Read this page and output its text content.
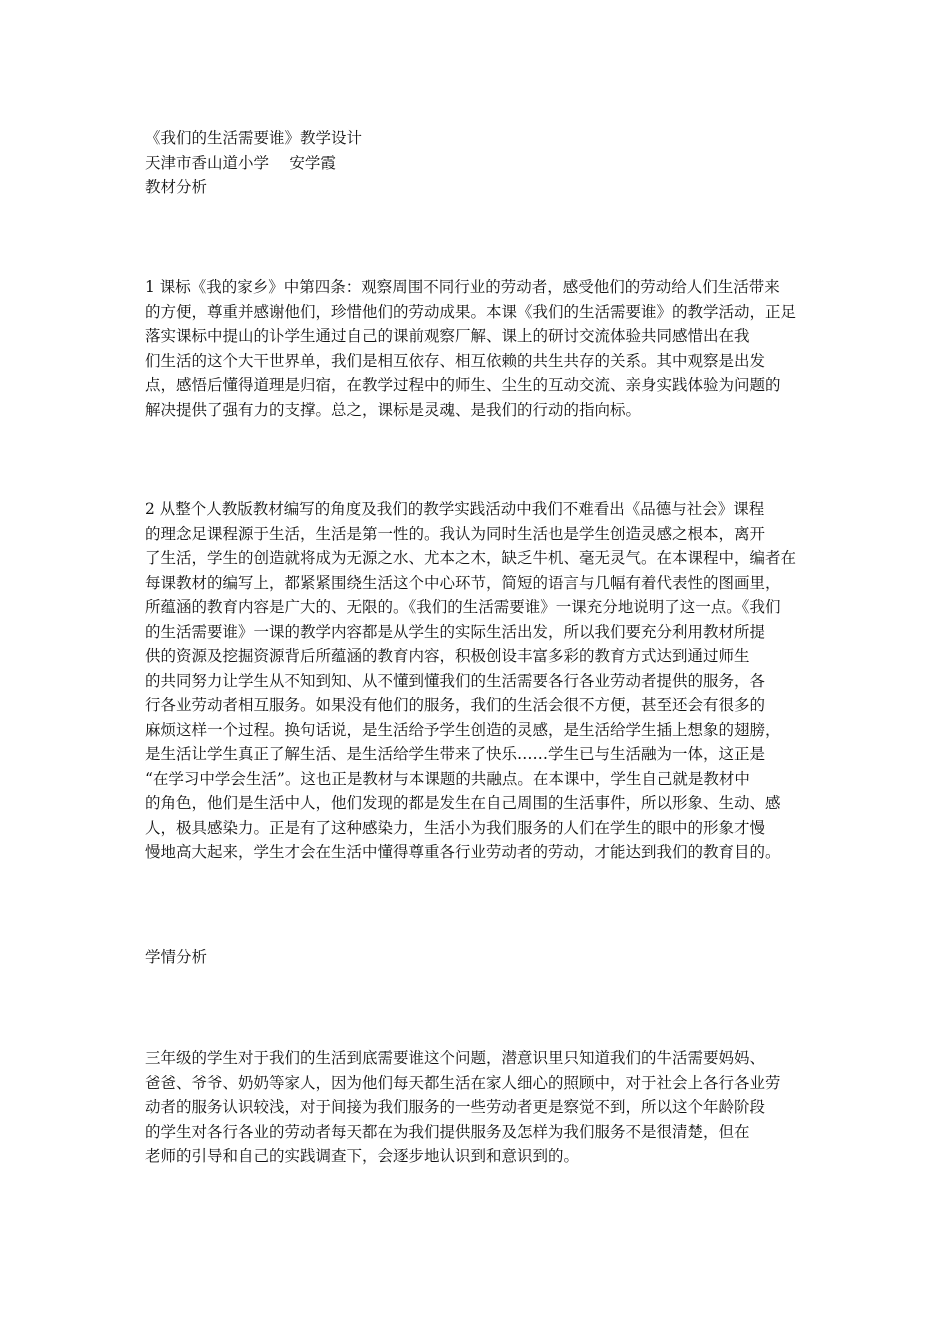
《我们的生活需要谁》教学设计
天津市香山道小学　 安学霞
教材分析
1 课标《我的家乡》中第四条：观察周围不同行业的劳动者，感受他们的劳动给人们生活带来
的方便，尊重并感谢他们，珍惜他们的劳动成果。本课《我们的生活需要谁》的教学活动，正足
落实课标中提山的讣学生通过自己的课前观察厂解、课上的研讨交流体验共同感惜出在我
们生活的这个大干世界单，我们是相互依存、相互依赖的共生共存的关系。其中观察是出发
点，感悟后懂得道理是归宿，在教学过程中的师生、尘生的互动交流、亲身实践体验为问题的
解决提供了强有力的支撑。总之，课标是灵魂、是我们的行动的指向标。
2 从整个人教版教材编写的角度及我们的教学实践活动中我们不难看出《品德与社会》课程
的理念足课程源于生活，生活是第一性的。我认为同时生活也是学生创造灵感之根本，离开
了生活，学生的创造就将成为无源之水、尤本之木，缺乏牛机、毫无灵气。在本课程中，编者在
每课教材的编写上，都紧紧围绕生活这个中心环节，简短的语言与几幅有着代表性的图画里，
所蕴涵的教育内容是广大的、无限的。《我们的生活需要谁》一课充分地说明了这一点。《我们
的生活需要谁》一课的教学内容都是从学生的实际生活出发，所以我们要充分利用教材所提
供的资源及挖掘资源背后所蕴涵的教育内容，积极创设丰富多彩的教育方式达到通过师生
的共同努力让学生从不知到知、从不懂到懂我们的生活需要各行各业劳动者提供的服务，各
行各业劳动者相互服务。如果没有他们的服务，我们的生活会很不方便，甚至还会有很多的
麻烦这样一个过程。换句话说，是生活给予学生创造的灵感，是生活给学生插上想象的翅膀，
是生活让学生真正了解生活、是生活给学生带来了快乐……学生已与生活融为一体，这正是
“在学习中学会生活”。这也正是教材与本课题的共融点。在本课中，学生自己就是教材中
的角色，他们是生活中人，他们发现的都是发生在自己周围的生活事件，所以形象、生动、感
人，极具感染力。正是有了这种感染力，生活小为我们服务的人们在学生的眼中的形象才慢
慢地高大起来，学生才会在生活中懂得尊重各行业劳动者的劳动，才能达到我们的教育目的。
学情分析
三年级的学生对于我们的生活到底需要谁这个问题，潜意识里只知道我们的牛活需要妈妈、
爸爸、爷爷、奶奶等家人，因为他们每天都生活在家人细心的照顾中，对于社会上各行各业劳
动者的服务认识较浅，对于间接为我们服务的一些劳动者更是察觉不到，所以这个年龄阶段
的学生对各行各业的劳动者每天都在为我们提供服务及怎样为我们服务不是很清楚，但在
老师的引导和自己的实践调查下，会逐步地认识到和意识到的。
